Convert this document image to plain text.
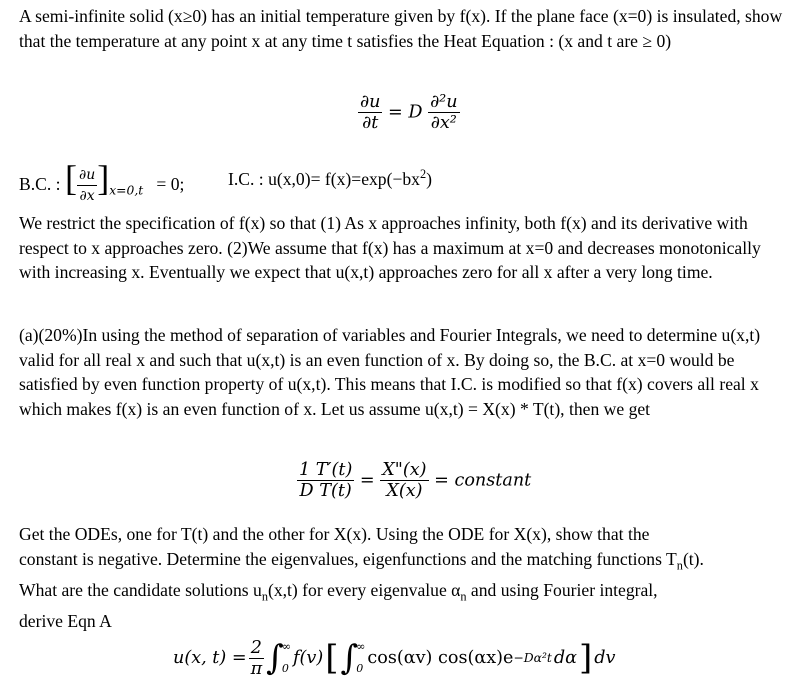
A semi-infinite solid (x≥0) has an initial temperature given by f(x). If the plane face (x=0) is insulated, show that the temperature at any point x at any time t satisfies the Heat Equation : (x and t are ≥ 0)
$\frac{\partial u}{\partial t} = D \frac{\text{∂²u}}{\text{∂x²}}$
B.C. : [ $\frac{\partial u}{\partial x} ]_{x=0,t} = 0$; I.C. : $u(x,0)= f(x)=\exp(-bx^2)$
We restrict the specification of f(x) so that (1) As x approaches infinity, both f(x) and its derivative with respect to x approaches zero. (2)We assume that f(x) has a maximum at x=0 and decreases monotonically with increasing x. Eventually we expect that u(x,t) approaches zero for all x after a very long time.
(a)(20%)In using the method of separation of variables and Fourier Integrals, we need to determine u(x,t) valid for all real x and such that u(x,t) is an even function of x. By doing so, the B.C. at x=0 would be satisfied by even function property of u(x,t). This means that I.C. is modified so that f(x) covers all real x which makes f(x) is an even function of x. Let us assume u(x,t) = X(x) * T(t), then we get
$\frac{1 T'(t)}{\text{D T(t)}} = \frac{X"(x)}{X(x)}$ = constant
Get the ODEs, one for T(t) and the other for X(x). Using the ODE for X(x), show that the
constant is negative. Determine the eigenvalues, eigenfunctions and the matching functions $T_n(t)$.
What are the candidate solutions $u_n(x,t)$ for every eigenvalue $\alpha_n$ and using Fourier integral,
derive Eqn A
u(x, $t) = \frac{2}{\pi}$ ∫
∞
0
f(v) [ ∫
∞
0
cos(αv) cos(αx)e −Dα²t dα ] dv
